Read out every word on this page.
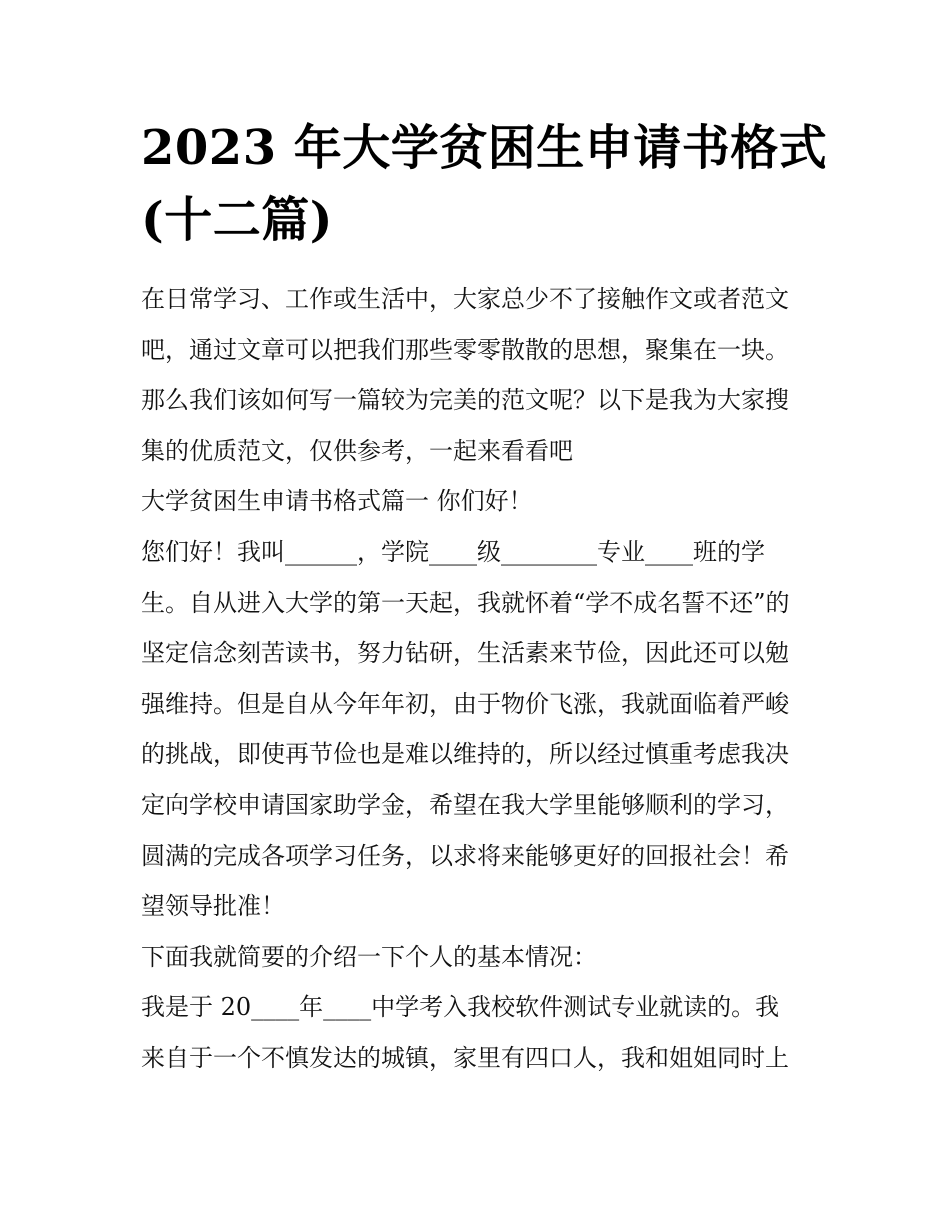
2023 年大学贫困生申请书格式
(十二篇)
在日常学习、工作或生活中，大家总少不了接触作文或者范文
吧，通过文章可以把我们那些零零散散的思想，聚集在一块。
那么我们该如何写一篇较为完美的范文呢？以下是我为大家搜
集的优质范文，仅供参考，一起来看看吧
大学贫困生申请书格式篇一 你们好！
您们好！我叫______，学院____级________专业____班的学
生。自从进入大学的第一天起，我就怀着“学不成名誓不还”的
坚定信念刻苦读书，努力钻研，生活素来节俭，因此还可以勉
强维持。但是自从今年年初，由于物价飞涨，我就面临着严峻
的挑战，即使再节俭也是难以维持的，所以经过慎重考虑我决
定向学校申请国家助学金，希望在我大学里能够顺利的学习，
圆满的完成各项学习任务，以求将来能够更好的回报社会！希
望领导批准！
下面我就简要的介绍一下个人的基本情况：
我是于 20____年____中学考入我校软件测试专业就读的。我
来自于一个不慎发达的城镇，家里有四口人，我和姐姐同时上
